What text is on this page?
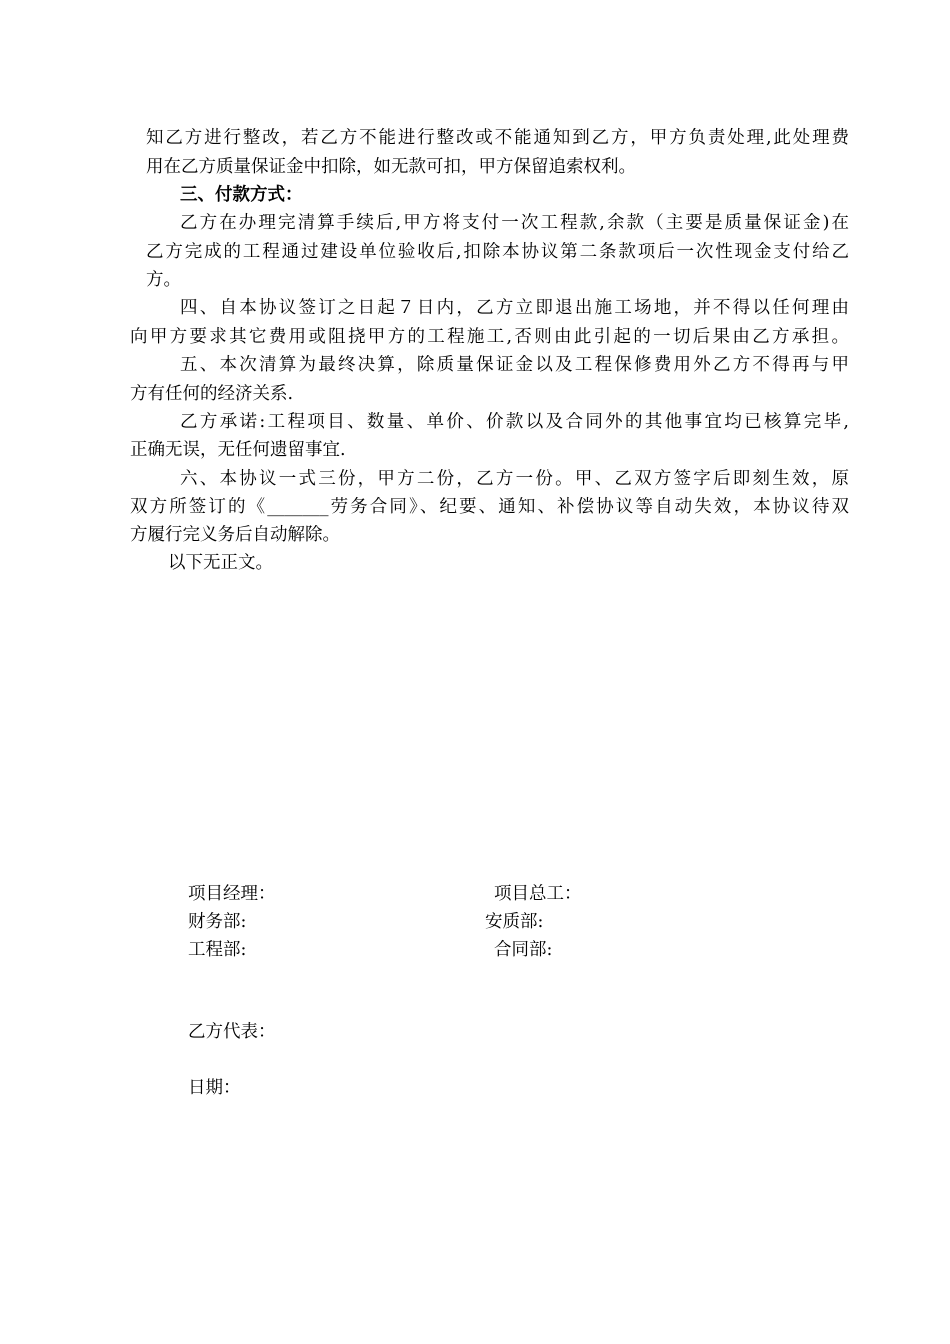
知乙方进行整改，若乙方不能进行整改或不能通知到乙方，甲方负责处理,此处理费
用在乙方质量保证金中扣除，如无款可扣，甲方保留追索权利。
三、付款方式：
乙方在办理完清算手续后,甲方将支付一次工程款,余款（主要是质量保证金)在
乙方完成的工程通过建设单位验收后,扣除本协议第二条款项后一次性现金支付给乙
方。
四、自本协议签订之日起７日内，乙方立即退出施工场地，并不得以任何理由
向甲方要求其它费用或阻挠甲方的工程施工,否则由此引起的一切后果由乙方承担。
五、本次清算为最终决算，除质量保证金以及工程保修费用外乙方不得再与甲
方有任何的经济关系.
乙方承诺:工程项目、数量、单价、价款以及合同外的其他事宜均已核算完毕,
正确无误，无任何遗留事宜.
六、本协议一式三份，甲方二份，乙方一份。甲、乙双方签字后即刻生效，原
双方所签订的《_______劳务合同》、纪要、通知、补偿协议等自动失效，本协议待双
方履行完义务后自动解除。
以下无正文。
项目经理：	项目总工：
财务部:	安质部:
工程部:	合同部:
乙方代表：
日期：
